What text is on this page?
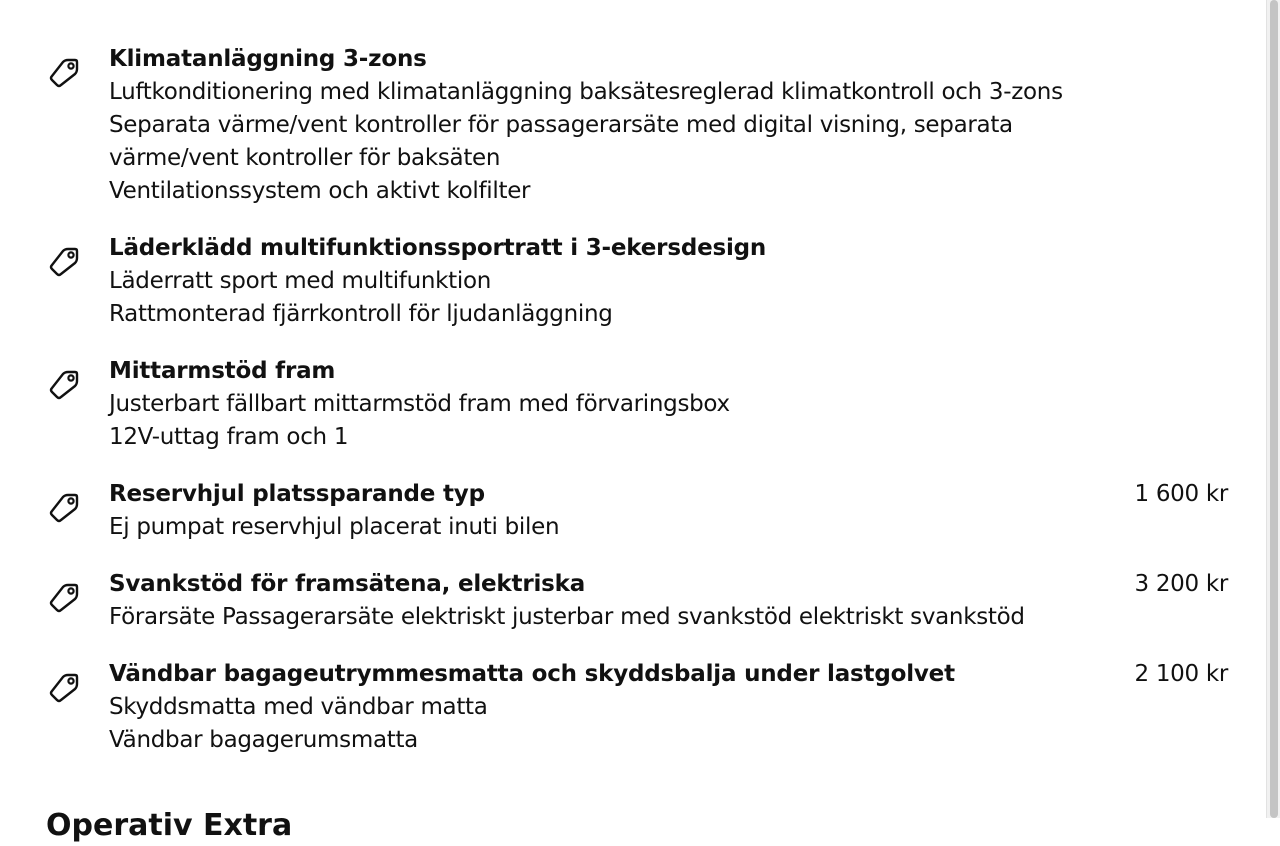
Klimatanläggning 3-zons
Luftkonditionering med klimatanläggning baksätesreglerad klimatkontroll och 3-zons
Separata värme/vent kontroller för passagerarsäte med digital visning, separata värme/vent kontroller för baksäten
Ventilationssystem och aktivt kolfilter
Läderklädd multifunktionssportratt i 3-ekersdesign
Läderratt sport med multifunktion
Rattmonterad fjärrkontroll för ljudanläggning
Mittarmstöd fram
Justerbart fällbart mittarmstöd fram med förvaringsbox
12V-uttag fram och 1
Reservhjul platssparande typ
Ej pumpat reservhjul placerat inuti bilen
1 600 kr
Svankstöd för framsätena, elektriska
Förarsäte Passagerarsäte elektriskt justerbar med svankstöd elektriskt svankstöd
3 200 kr
Vändbar bagageutrymmesmatta och skyddsbalja under lastgolvet
Skyddsmatta med vändbar matta
Vändbar bagagerumsmatta
2 100 kr
Operativ Extra
